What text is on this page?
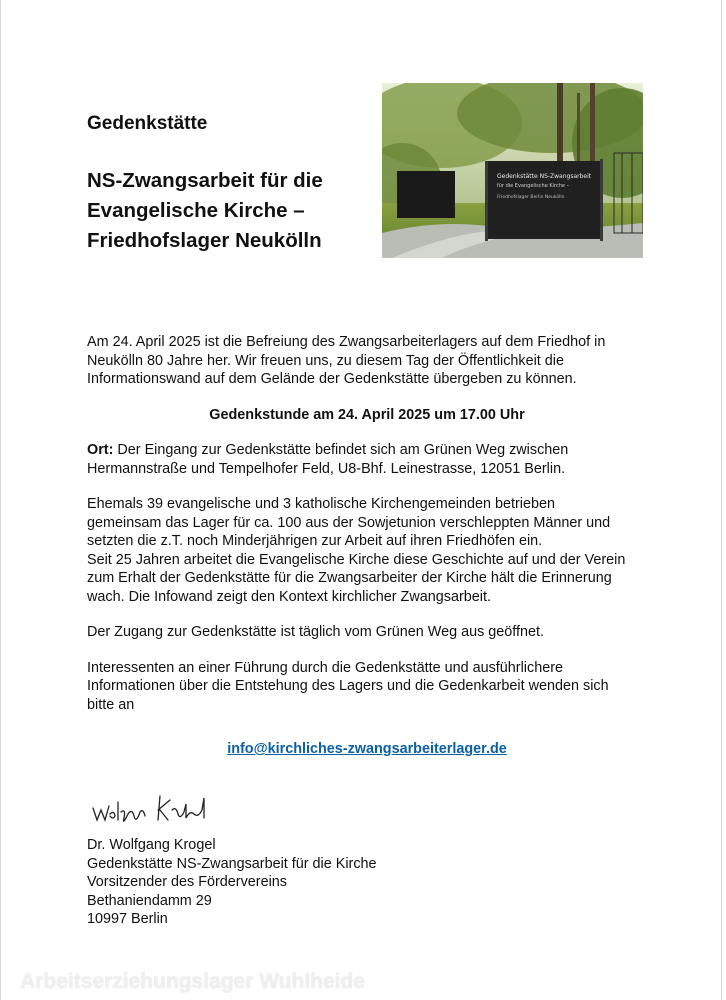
Gedenkstätte

NS-Zwangsarbeit für die
Evangelische Kirche –
Friedhofslager Neukölln

Gedenkstätte NS-Zwangsarbeit
für die Evangelische Kirche –
Friedhofslager Berlin Neukölln

Am 24. April 2025 ist die Befreiung des Zwangsarbeiterlagers auf dem Friedhof in
Neukölln 80 Jahre her. Wir freuen uns, zu diesem Tag der Öffentlichkeit die
Informationswand auf dem Gelände der Gedenkstätte übergeben zu können.

Gedenkstunde am 24. April 2025 um 17.00 Uhr

Ort: Der Eingang zur Gedenkstätte befindet sich am Grünen Weg zwischen
Hermannstraße und Tempelhofer Feld, U8-Bhf. Leinestrasse, 12051 Berlin.

Ehemals 39 evangelische und 3 katholische Kirchengemeinden betrieben
gemeinsam das Lager für ca. 100 aus der Sowjetunion verschleppten Männer und
setzten die z.T. noch Minderjährigen zur Arbeit auf ihren Friedhöfen ein.
Seit 25 Jahren arbeitet die Evangelische Kirche diese Geschichte auf und der Verein
zum Erhalt der Gedenkstätte für die Zwangsarbeiter der Kirche hält die Erinnerung
wach. Die Infowand zeigt den Kontext kirchlicher Zwangsarbeit.

Der Zugang zur Gedenkstätte ist täglich vom Grünen Weg aus geöffnet.

Interessenten an einer Führung durch die Gedenkstätte und ausführlichere
Informationen über die Entstehung des Lagers und die Gedenkarbeit wenden sich
bitte an

info@kirchliches-zwangsarbeiterlager.de
Dr. Wolfgang Krogel
Gedenkstätte NS-Zwangsarbeit für die Kirche
Vorsitzender des Fördervereins
Bethaniendamm 29
10997 Berlin
Arbeitserziehungslager Wuhlheide
